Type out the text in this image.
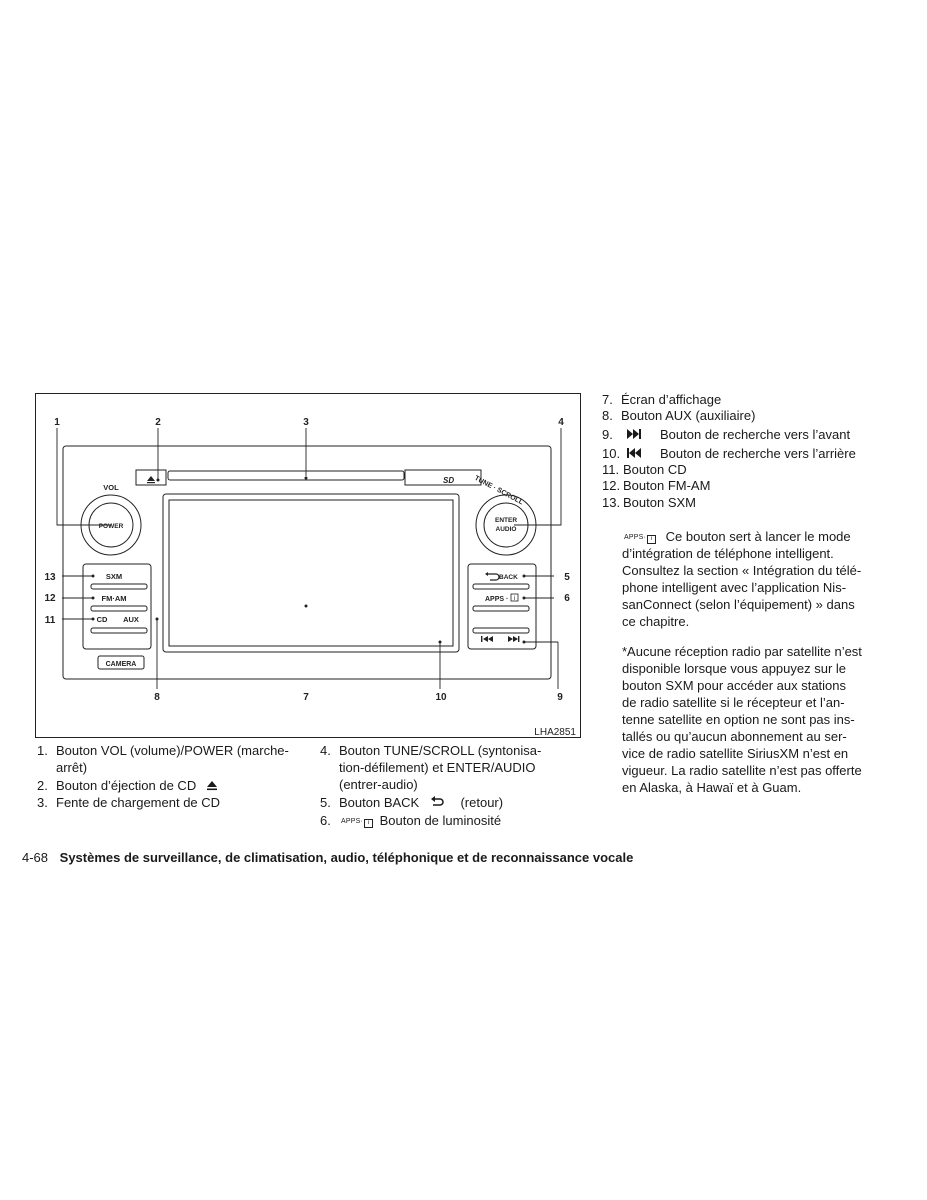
VOL
POWER
ENTER
AUDIO
TUNE · SCROLL
SXM
FM·AM
CD AUX
CAMERA
BACK
APPS ·
SD
i
1	2	3	4
5
6
7
8	9
10
11
12
13
LHA2851
1. Bouton VOL (volume)/POWER (marche-
arrêt)
2. Bouton d’éjection de CD
3. Fente de chargement de CD
4. Bouton TUNE/SCROLL (syntonisa-
tion-défilement) et ENTER/AUDIO
(entrer-audio)
5. Bouton BACK	(retour)
6. APPS· i Bouton de luminosité
7. Écran d’affichage
8. Bouton AUX (auxiliaire)
9.	Bouton de recherche vers l’avant
10.	Bouton de recherche vers l’arrière
11. Bouton CD
12. Bouton FM-AM
13. Bouton SXM
APPS· i Ce bouton sert à lancer le mode
d’intégration de téléphone intelligent.
Consultez la section « Intégration du télé-
phone intelligent avec l’application Nis-
sanConnect (selon l’équipement) » dans
ce chapitre.
*Aucune réception radio par satellite n’est
disponible lorsque vous appuyez sur le
bouton SXM pour accéder aux stations
de radio satellite si le récepteur et l’an-
tenne satellite en option ne sont pas ins-
tallés ou qu’aucun abonnement au ser-
vice de radio satellite SiriusXM n’est en
vigueur. La radio satellite n’est pas offerte
en Alaska, à Hawaï et à Guam.
4-68 Systèmes de surveillance, de climatisation, audio, téléphonique et de reconnaissance vocale
